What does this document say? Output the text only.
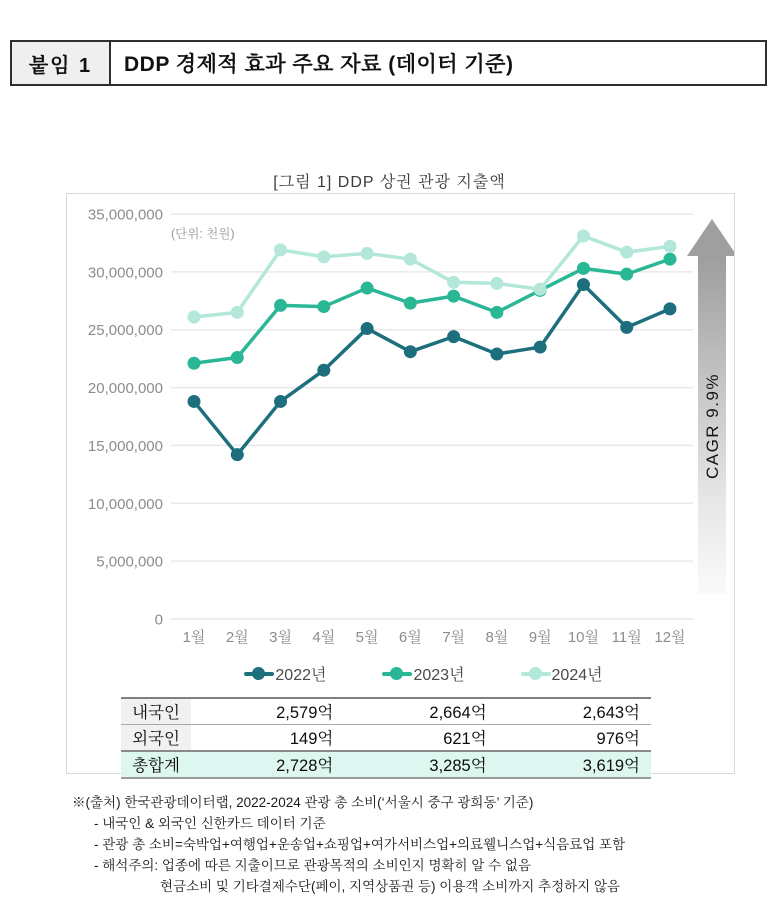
붙임 1	DDP 경제적 효과 주요 자료 (데이터 기준)
[그림 1] DDP 상권 관광 지출액
0
5,000,000
10,000,000
15,000,000
20,000,000
25,000,000
30,000,000
35,000,000
(단위: 천원)
CAGR 9.9%
1월 2월 3월 4월 5월 6월 7월 8월 9월 10월 11월 12월
2022년	2023년	2024년
내국인	2,579억	2,664억	2,643억
외국인	149억	621억	976억
총합계	2,728억	3,285억	3,619억
※(출처) 한국관광데이터랩, 2022-2024 관광 총 소비(‘서울시 중구 광희동’ 기준)
- 내국인 & 외국인 신한카드 데이터 기준
- 관광 총 소비=숙박업+여행업+운송업+쇼핑업+여가서비스업+의료웰니스업+식음료업 포함
- 해석주의: 업종에 따른 지출이므로 관광목적의 소비인지 명확히 알 수 없음
현금소비 및 기타결제수단(페이, 지역상품권 등) 이용객 소비까지 추정하지 않음
